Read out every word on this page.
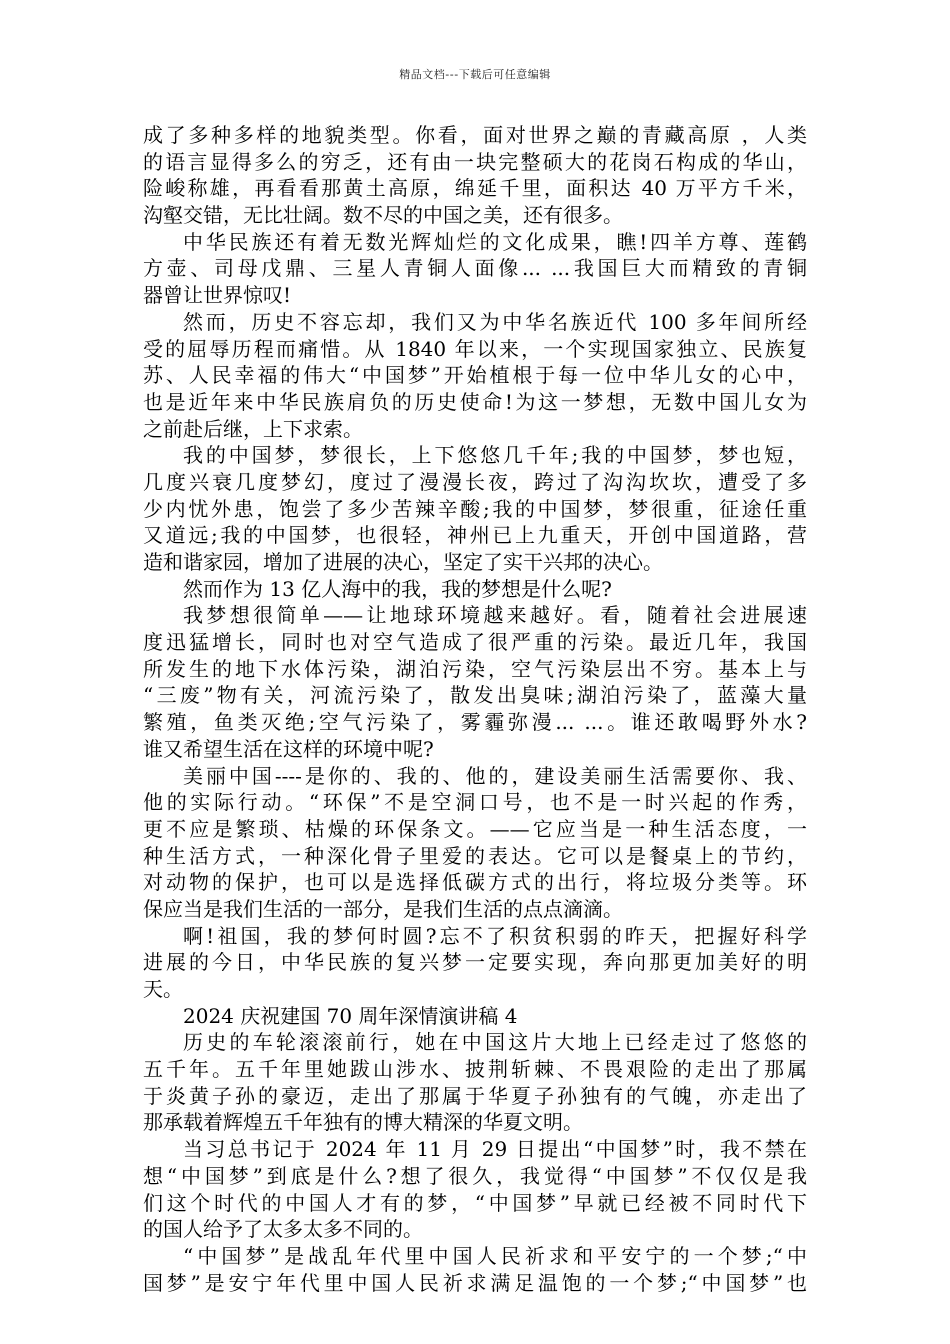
精品文档---下载后可任意编辑
成了多种多样的地貌类型。你看，面对世界之巅的青藏高原 ，人类
的语言显得多么的穷乏，还有由一块完整硕大的花岗石构成的华山，
险峻称雄，再看看那黄土高原，绵延千里，面积达 40 万平方千米，
沟壑交错，无比壮阔。数不尽的中国之美，还有很多。
中华民族还有着无数光辉灿烂的文化成果，瞧!四羊方尊、莲鹤
方壶、司母戊鼎、三星人青铜人面像... ...我国巨大而精致的青铜
器曾让世界惊叹!
然而，历史不容忘却，我们又为中华名族近代 100 多年间所经
受的屈辱历程而痛惜。从 1840 年以来，一个实现国家独立、民族复
苏、人民幸福的伟大“中国梦”开始植根于每一位中华儿女的心中，
也是近年来中华民族肩负的历史使命!为这一梦想，无数中国儿女为
之前赴后继，上下求索。
我的中国梦，梦很长，上下悠悠几千年;我的中国梦，梦也短，
几度兴衰几度梦幻，度过了漫漫长夜，跨过了沟沟坎坎，遭受了多
少内忧外患，饱尝了多少苦辣辛酸;我的中国梦，梦很重，征途任重
又道远;我的中国梦，也很轻，神州已上九重天，开创中国道路，营
造和谐家园，增加了进展的决心，坚定了实干兴邦的决心。
然而作为 13 亿人海中的我，我的梦想是什么呢?
我梦想很简单——让地球环境越来越好。看，随着社会进展速
度迅猛增长，同时也对空气造成了很严重的污染。最近几年，我国
所发生的地下水体污染，湖泊污染，空气污染层出不穷。基本上与
“三废”物有关，河流污染了，散发出臭味;湖泊污染了，蓝藻大量
繁殖，鱼类灭绝;空气污染了，雾霾弥漫... ...。谁还敢喝野外水?
谁又希望生活在这样的环境中呢?
美丽中国----是你的、我的、他的，建设美丽生活需要你、我、
他的实际行动。“环保”不是空洞口号，也不是一时兴起的作秀，
更不应是繁琐、枯燥的环保条文。——它应当是一种生活态度，一
种生活方式，一种深化骨子里爱的表达。它可以是餐桌上的节约，
对动物的保护，也可以是选择低碳方式的出行，将垃圾分类等。环
保应当是我们生活的一部分，是我们生活的点点滴滴。
啊!祖国，我的梦何时圆?忘不了积贫积弱的昨天，把握好科学
进展的今日，中华民族的复兴梦一定要实现，奔向那更加美好的明
天。
2024 庆祝建国 70 周年深情演讲稿 4
历史的车轮滚滚前行，她在中国这片大地上已经走过了悠悠的
五千年。五千年里她跋山涉水、披荆斩棘、不畏艰险的走出了那属
于炎黄子孙的豪迈，走出了那属于华夏子孙独有的气魄，亦走出了
那承载着辉煌五千年独有的博大精深的华夏文明。
当习总书记于 2024 年 11 月 29 日提出“中国梦”时，我不禁在
想“中国梦”到底是什么?想了很久，我觉得“中国梦”不仅仅是我
们这个时代的中国人才有的梦，“中国梦”早就已经被不同时代下
的国人给予了太多太多不同的。
“中国梦”是战乱年代里中国人民祈求和平安宁的一个梦;“中
国梦”是安宁年代里中国人民祈求满足温饱的一个梦;“中国梦”也
